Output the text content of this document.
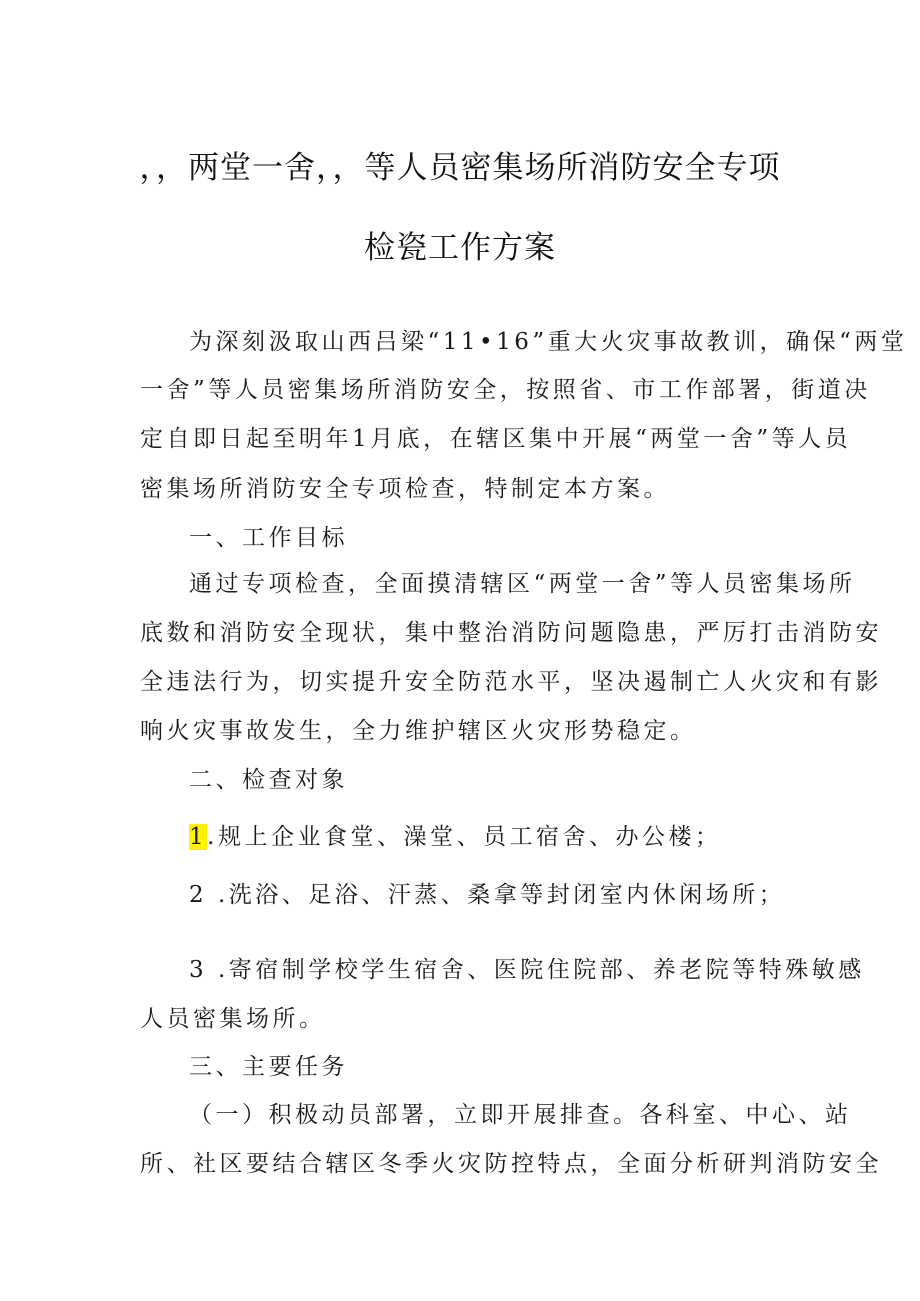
，，两堂一舍，，等人员密集场所消防安全专项
检瓷工作方案
为深刻汲取山西吕梁“11•16”重大火灾事故教训，确保“两堂
一舍”等人员密集场所消防安全，按照省、市工作部署，街道决
定自即日起至明年1月底，在辖区集中开展“两堂一舍”等人员
密集场所消防安全专项检查，特制定本方案。
一、工作目标
通过专项检查，全面摸清辖区“两堂一舍”等人员密集场所
底数和消防安全现状，集中整治消防问题隐患，严厉打击消防安
全违法行为，切实提升安全防范水平，坚决遏制亡人火灾和有影
响火灾事故发生，全力维护辖区火灾形势稳定。
二、检查对象
1.规上企业食堂、澡堂、员工宿舍、办公楼；
2 .洗浴、足浴、汗蒸、桑拿等封闭室内休闲场所；
3 .寄宿制学校学生宿舍、医院住院部、养老院等特殊敏感
人员密集场所。
三、主要任务
（一）积极动员部署，立即开展排查。各科室、中心、站
所、社区要结合辖区冬季火灾防控特点，全面分析研判消防安全
